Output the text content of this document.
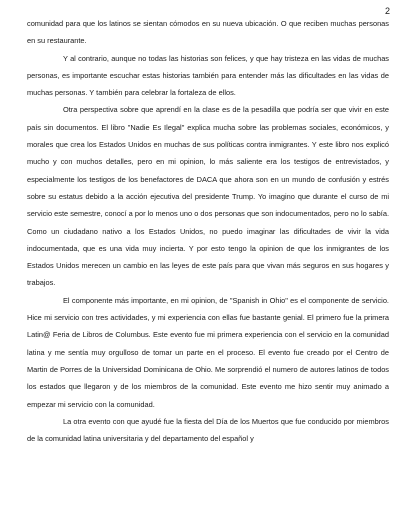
2

comunidad para que los latinos se sientan cómodos en su nueva ubicación. O que reciben muchas personas en su restaurante.

Y al contrario, aunque no todas las historias son felices, y que hay tristeza en las vidas de muchas personas, es importante escuchar estas historias también para entender más las dificultades en las vidas de muchas personas. Y también para celebrar la fortaleza de ellos.

Otra perspectiva sobre que aprendí en la clase es de la pesadilla que podría ser que vivir en este país sin documentos. El libro "Nadie Es Ilegal" explica mucha sobre las problemas sociales, económicos, y morales que crea los Estados Unidos en muchas de sus políticas contra inmigrantes. Y este libro nos explicó mucho y con muchos detalles, pero en mi opinion, lo más saliente era los testigos de entrevistados, y especialmente los testigos de los benefactores de DACA que ahora son en un mundo de confusión y estrés sobre su estatus debido a la acción ejecutiva del presidente Trump. Yo imagino que durante el curso de mi servicio este semestre, conocí a por lo menos uno o dos personas que son indocumentados, pero no lo sabía. Como un ciudadano nativo a los Estados Unidos, no puedo imaginar las dificultades de vivir la vida indocumentada, que es una vida muy incierta. Y por esto tengo la opinion de que los inmigrantes de los Estados Unidos merecen un cambio en las leyes de este país para que vivan más seguros en sus hogares y trabajos.

El componente más importante, en mi opinion, de "Spanish in Ohio" es el componente de servicio. Hice mi servicio con tres actividades, y mi experiencia con ellas fue bastante genial. El primero fue la primera Latin@ Feria de Libros de Columbus. Este evento fue mi primera experiencia con el servicio en la comunidad latina y me sentía muy orgulloso de tomar un parte en el proceso. El evento fue creado por el Centro de Martin de Porres de la Universidad Dominicana de Ohio. Me sorprendió el numero de autores latinos de todos los estados que llegaron y de los miembros de la comunidad. Este evento me hizo sentir muy animado a empezar mi servicio con la comunidad.

La otra evento con que ayudé fue la fiesta del Día de los Muertos que fue conducido por miembros de la comunidad latina universitaria y del departamento del español y
